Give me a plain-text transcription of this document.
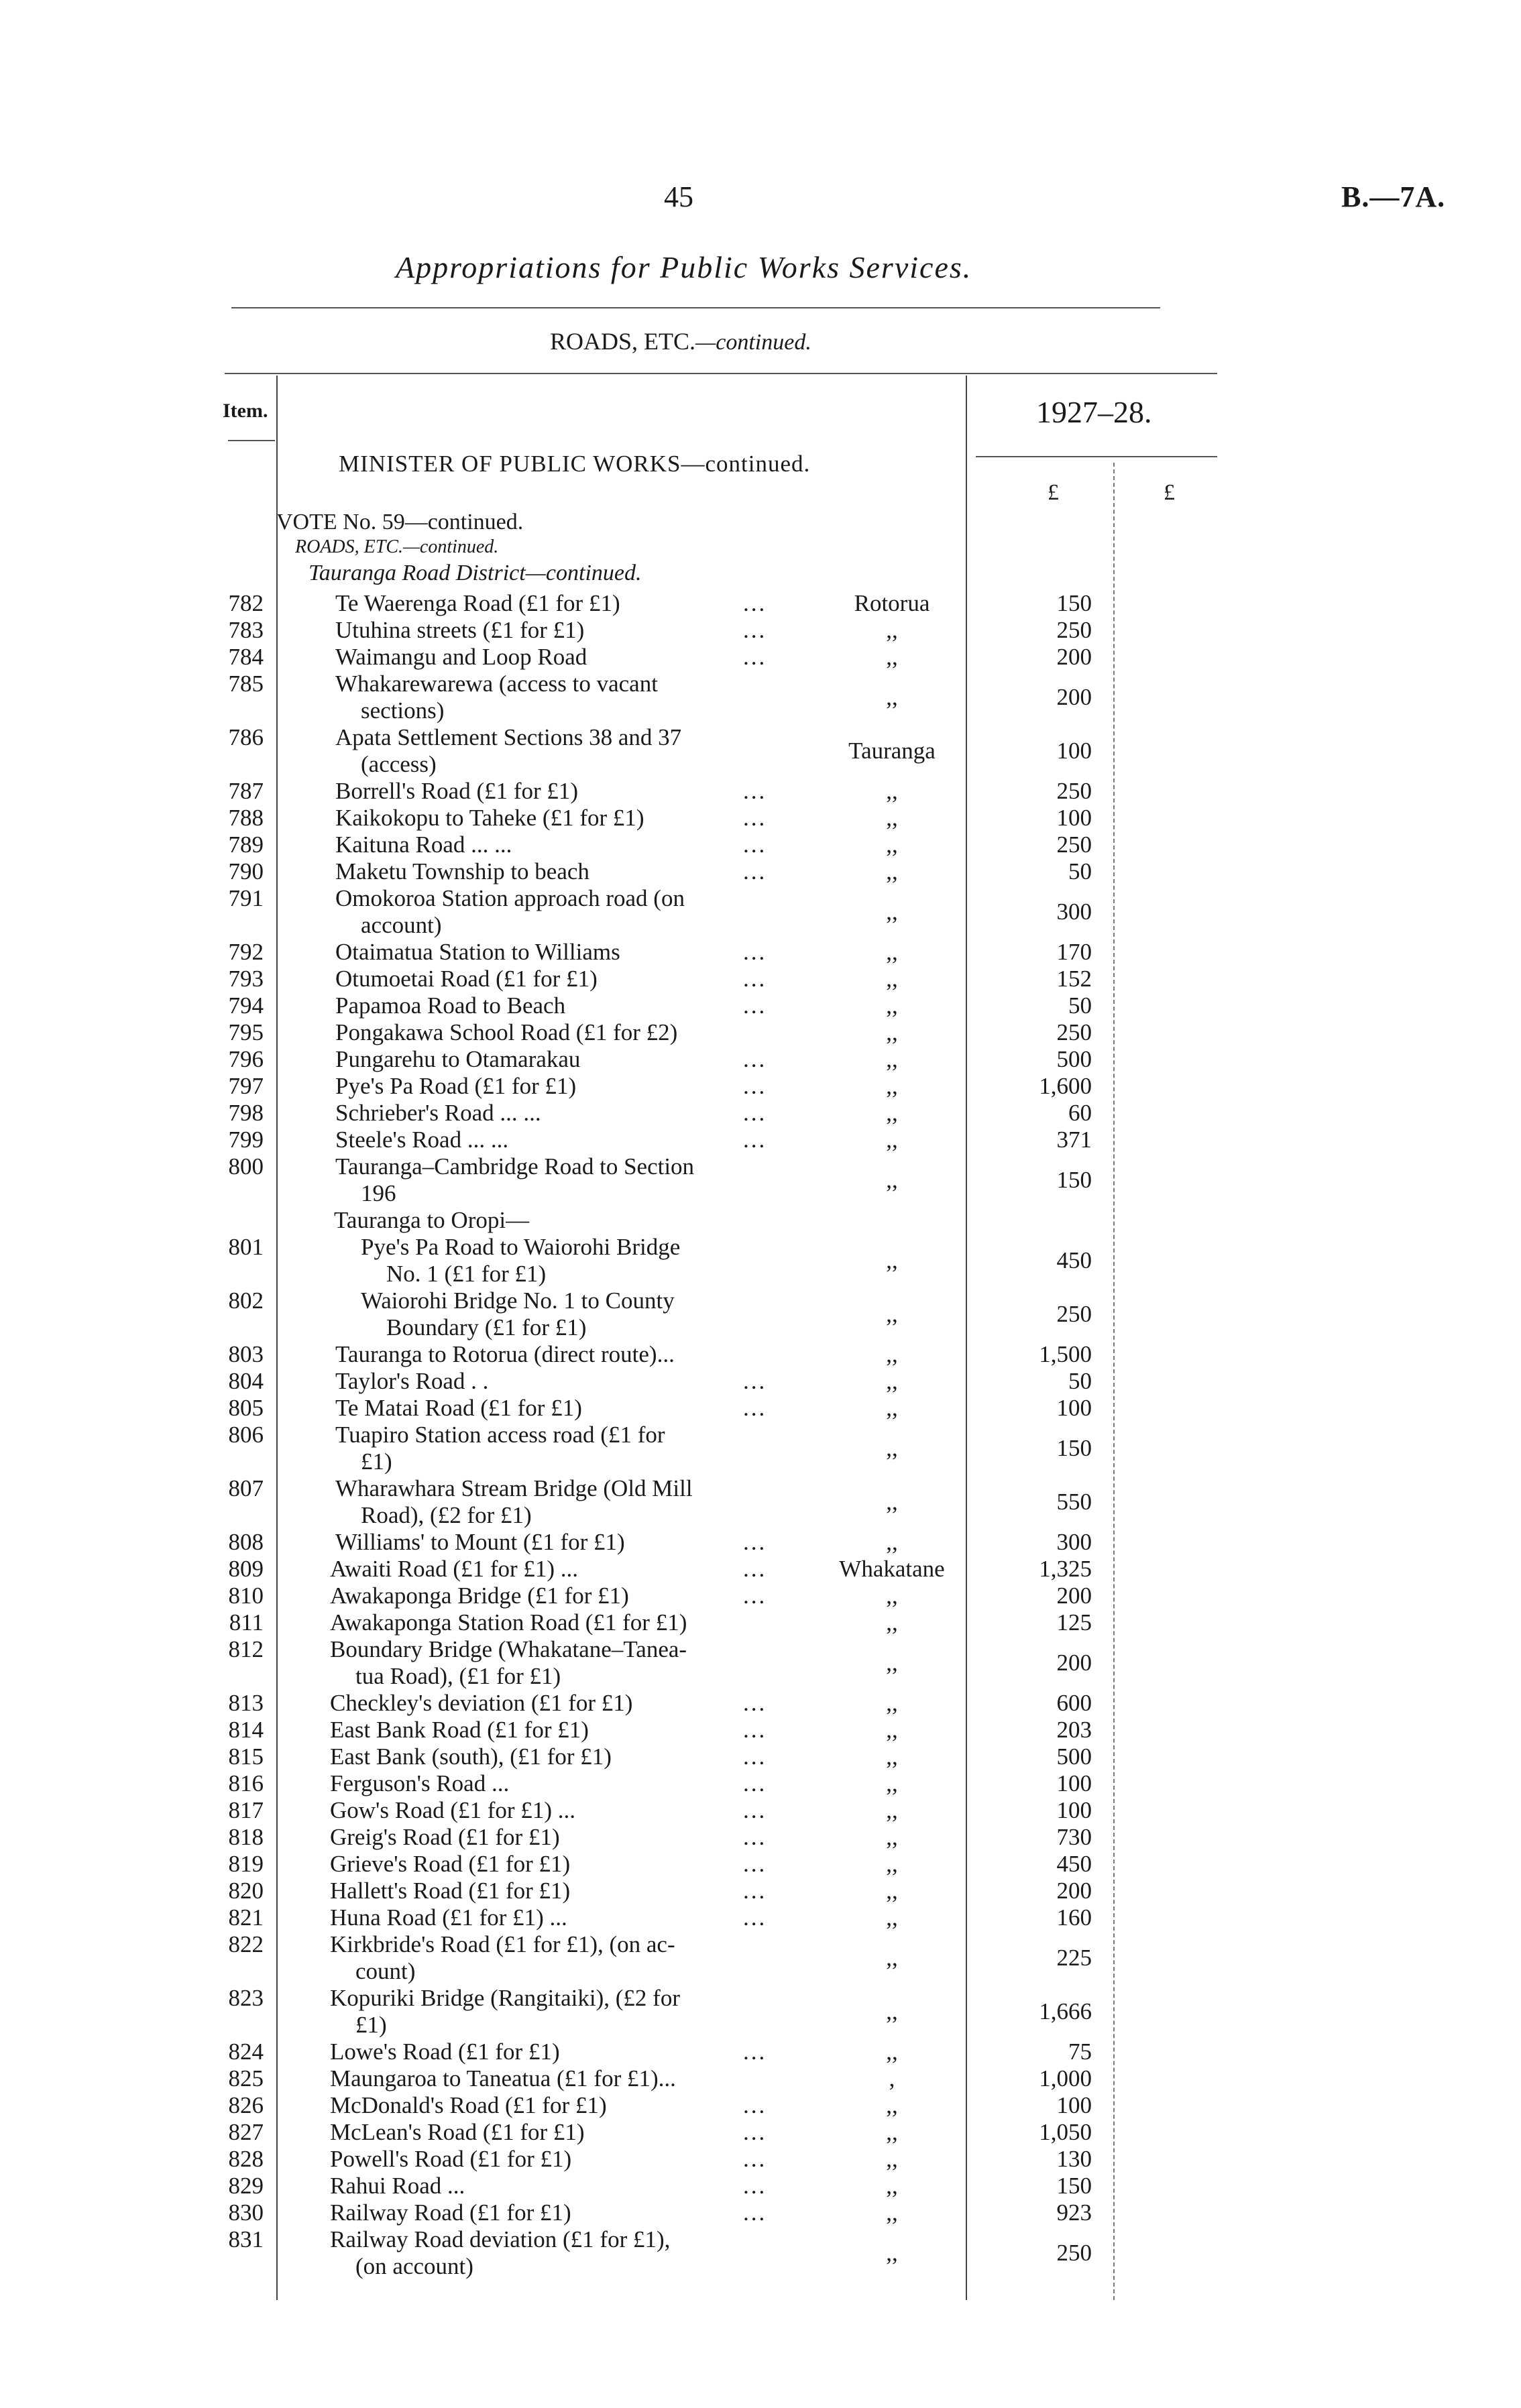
45	B.—7A.
Appropriations for Public Works Services.
ROADS, ETC.—continued.
Item.	1927–28.
MINISTER OF PUBLIC WORKS—continued.
£	£
VOTE No. 59—continued.
ROADS, ETC.—continued.
Tauranga Road District—continued.
782	Te Waerenga Road (£1 for £1)	...	Rotorua	150
783	Utuhina streets (£1 for £1)	...	,,	250
784	Waimangu and Loop Road	...	,,	200
785	Whakarewarewa (access to vacant
sections)
,,	200
786	Apata Settlement Sections 38 and 37
(access)
Tauranga	100
787	Borrell's Road (£1 for £1)	...	,,	250
788	Kaikokopu to Taheke (£1 for £1)	...	,,	100
789	Kaituna Road ... ...	...	,,	250
790	Maketu Township to beach	...	,,	50
791	Omokoroa Station approach road (on
account)
,,	300
792	Otaimatua Station to Williams	...	,,	170
793	Otumoetai Road (£1 for £1)	...	,,	152
794	Papamoa Road to Beach	...	,,	50
795	Pongakawa School Road (£1 for £2)	,,	250
796	Pungarehu to Otamarakau	...	,,	500
797	Pye's Pa Road (£1 for £1)	...	,,	1,600
798	Schrieber's Road ... ...	...	,,	60
799	Steele's Road ... ...	...	,,	371
800	Tauranga–Cambridge Road to Section
196
,,	150
Tauranga to Oropi—
801	Pye's Pa Road to Waiorohi Bridge
No. 1 (£1 for £1)
,,	450
802	Waiorohi Bridge No. 1 to County
Boundary (£1 for £1)
,,	250
803	Tauranga to Rotorua (direct route)...	,,	1,500
804	Taylor's Road . .	...	,,	50
805	Te Matai Road (£1 for £1)	...	,,	100
806	Tuapiro Station access road (£1 for
£1)
,,	150
807	Wharawhara Stream Bridge (Old Mill
Road), (£2 for £1)
,,	550
808	Williams' to Mount (£1 for £1)	...	,,	300
809	Awaiti Road (£1 for £1) ...	...	Whakatane	1,325
810	Awakaponga Bridge (£1 for £1)	...	,,	200
811	Awakaponga Station Road (£1 for £1)	,,	125
812	Boundary Bridge (Whakatane–Tanea-
tua Road), (£1 for £1)
,,	200
813	Checkley's deviation (£1 for £1)	...	,,	600
814	East Bank Road (£1 for £1)	...	,,	203
815	East Bank (south), (£1 for £1)	...	,,	500
816	Ferguson's Road ...	...	,,	100
817	Gow's Road (£1 for £1) ...	...	,,	100
818	Greig's Road (£1 for £1)	...	,,	730
819	Grieve's Road (£1 for £1)	...	,,	450
820	Hallett's Road (£1 for £1)	...	,,	200
821	Huna Road (£1 for £1) ...	...	,,	160
822	Kirkbride's Road (£1 for £1), (on ac-
count)
,,	225
823	Kopuriki Bridge (Rangitaiki), (£2 for
£1)
,,	1,666
824	Lowe's Road (£1 for £1)	...	,,	75
825	Maungaroa to Taneatua (£1 for £1)...	,	1,000
826	McDonald's Road (£1 for £1)	...	,,	100
827	McLean's Road (£1 for £1)	...	,,	1,050
828	Powell's Road (£1 for £1)	...	,,	130
829	Rahui Road ...	...	,,	150
830	Railway Road (£1 for £1)	...	,,	923
831	Railway Road deviation (£1 for £1),
(on account)
,,	250
